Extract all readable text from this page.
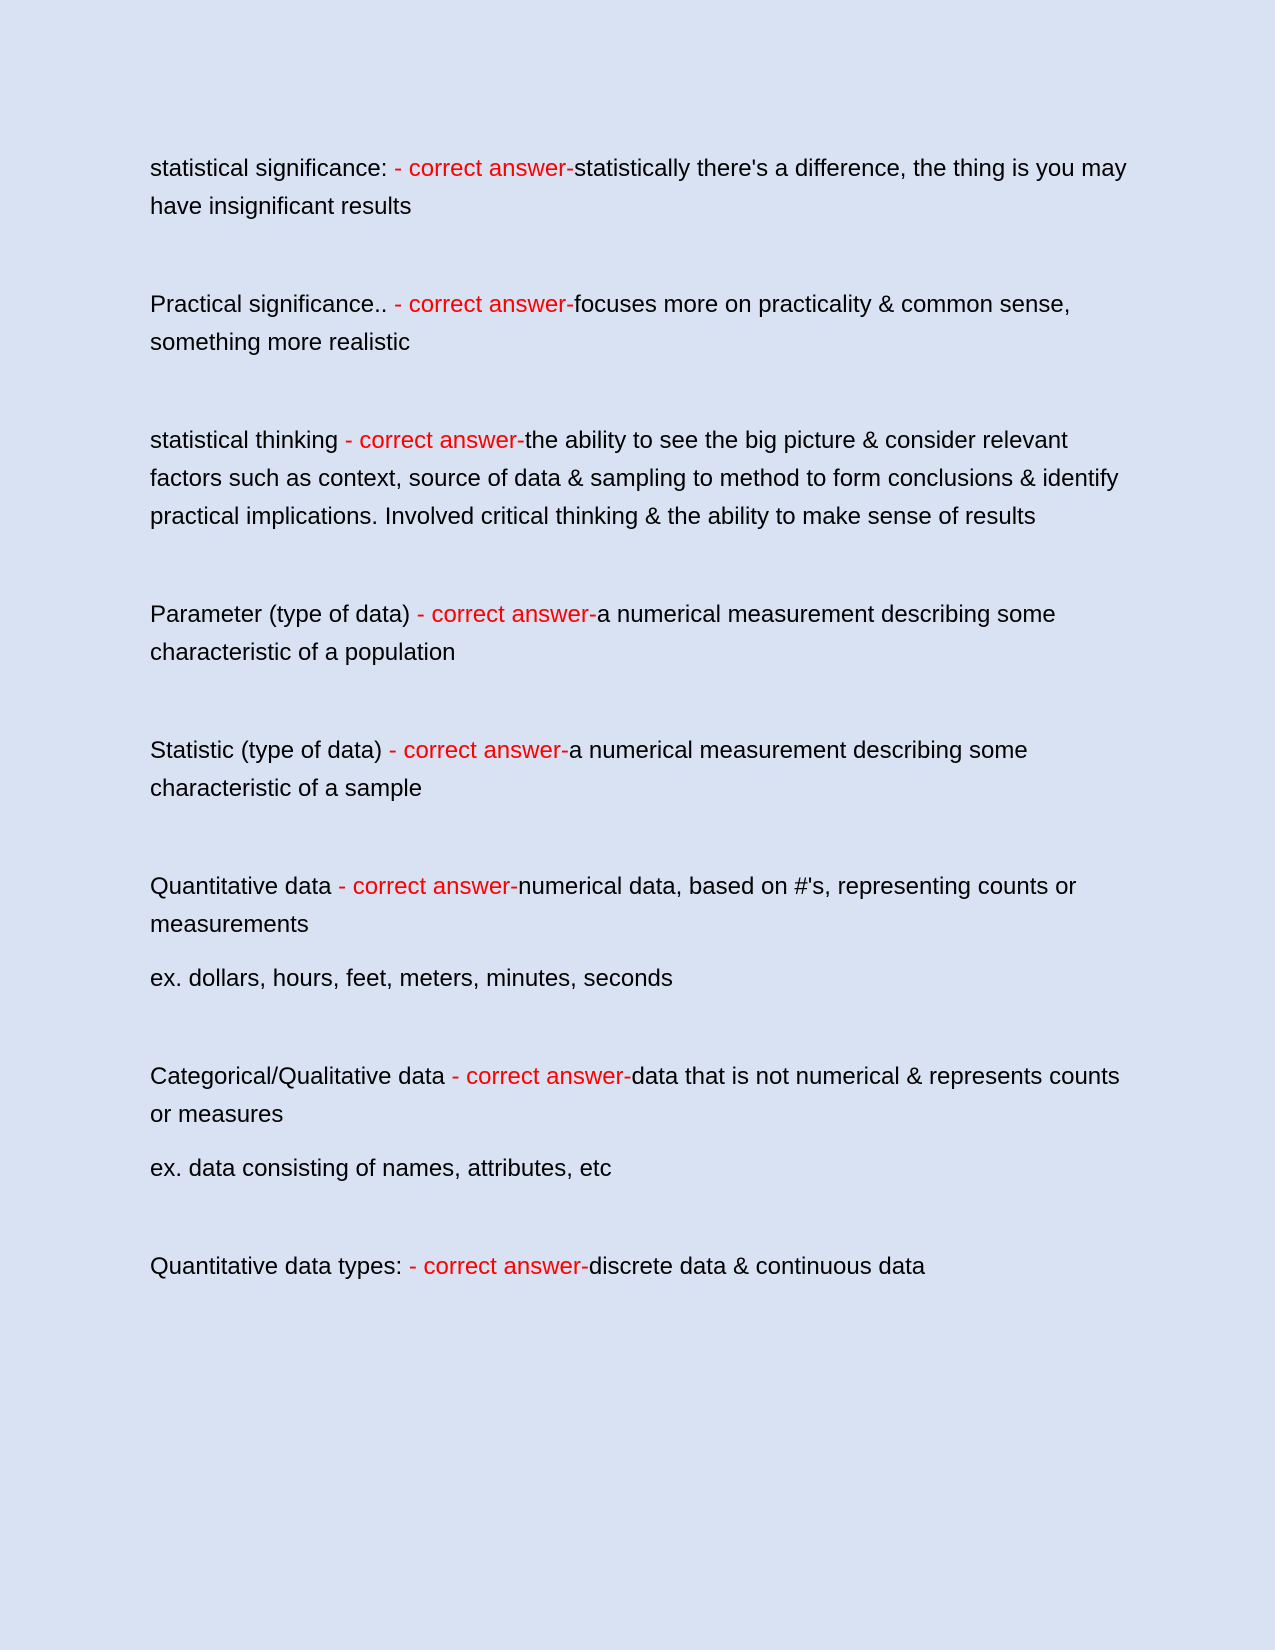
statistical significance: - correct answer-statistically there's a difference, the thing is you may have insignificant results

Practical significance.. - correct answer-focuses more on practicality & common sense, something more realistic

statistical thinking - correct answer-the ability to see the big picture & consider relevant factors such as context, source of data & sampling to method to form conclusions & identify practical implications. Involved critical thinking & the ability to make sense of results

Parameter (type of data) - correct answer-a numerical measurement describing some characteristic of a population

Statistic (type of data) - correct answer-a numerical measurement describing some characteristic of a sample

Quantitative data - correct answer-numerical data, based on #'s, representing counts or measurements

ex. dollars, hours, feet, meters, minutes, seconds

Categorical/Qualitative data - correct answer-data that is not numerical & represents counts or measures

ex. data consisting of names, attributes, etc

Quantitative data types: - correct answer-discrete data & continuous data
